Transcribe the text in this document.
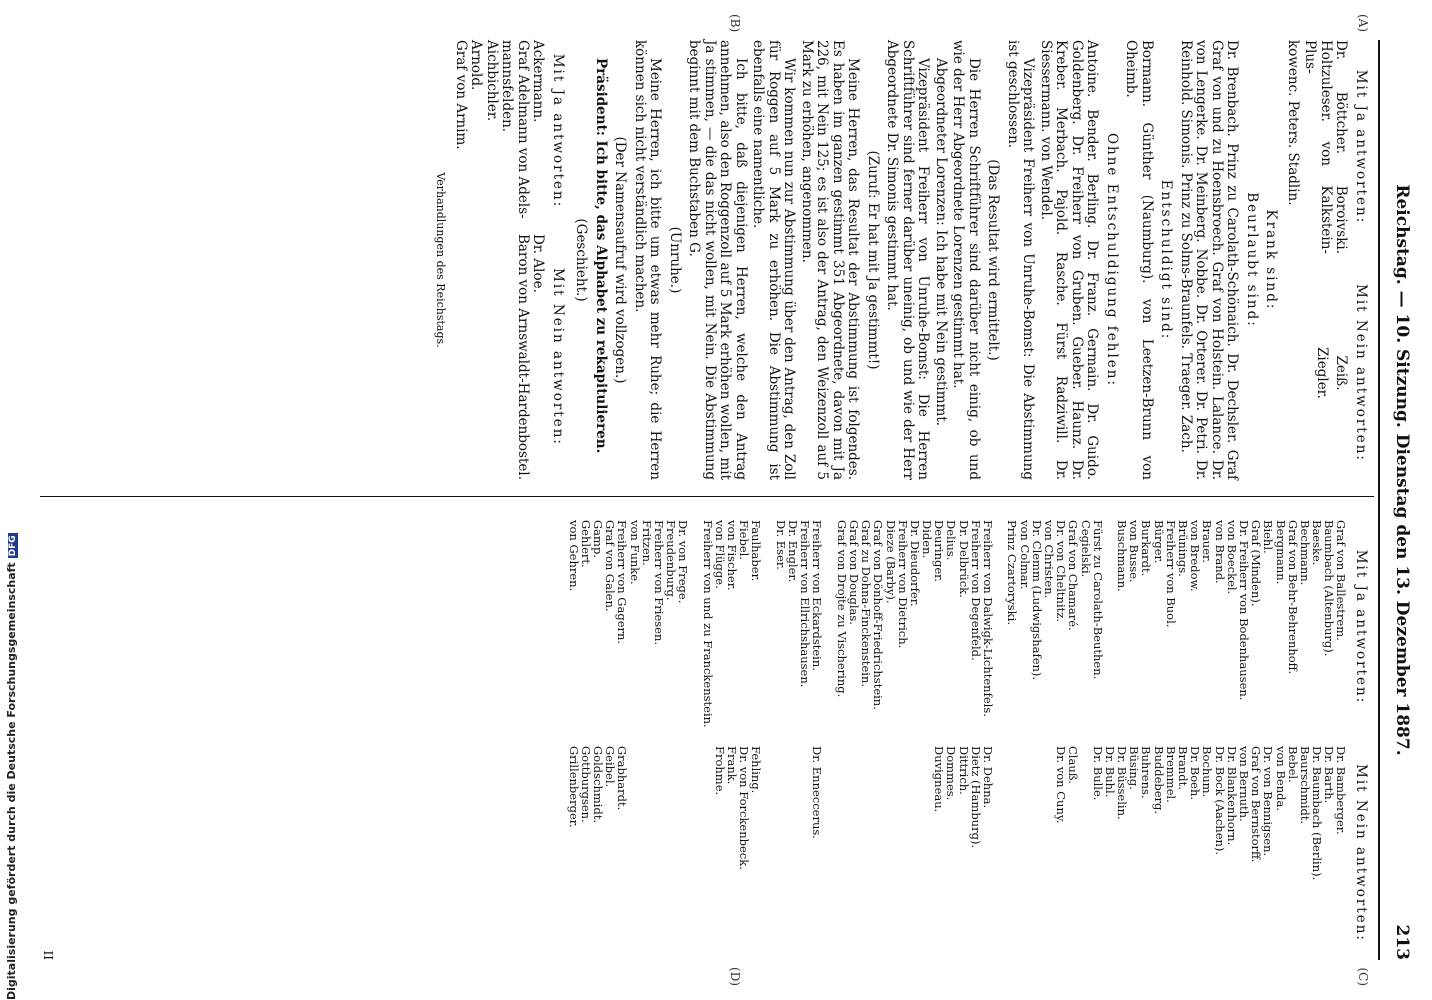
Reichstag. — 10. Sitzung. Dienstag den 13. Dezember 1887.
213
(A)
(C)
(B)
(D)
Mit Ja antworten:
Dr. Böttcher. Boroivski. Holtzuleser. von Kalkstein-Plus-
kowenc. Peters. Stadlin.
Mit Nein antworten:
Zeiß.
Ziegler.
Krank sind:
Beurlaubt sind:
Dr. Brenbach. Prinz zu Carolath-Schönaich. Dr. Dechsler. Graf Graf von und zu Hoensbroech. Graf von Holstein. Lalance. Dr. von Lengerke. Dr. Meinberg. Nobbe. Dr. Orterer. Dr. Petri. Dr. Reinhold. Simonis. Prinz zu Solms-Braunfels. Traeger. Zach.
Entschuldigt sind:
Bormann. Günther (Naumburg). von Leetzen-Brunn von Oheimb.
Ohne Entschuldigung fehlen:
Antoine. Bender. Berling. Dr. Franz. Germain. Dr. Guido. Goldenberg. Dr. Freiherr von Gruben. Gueber. Haunz. Dr. Kreber. Merbach. Pajold. Rasche. Fürst Radziwill. Dr. Siessermann. von Wendel.
Vizepräsident Freiherr von Unruhe-Bomst: Die Abstimmung ist geschlossen.
(Das Resultat wird ermittelt.)
Die Herren Schriftführer sind darüber nicht einig, ob und wie der Herr Abgeordnete Lorenzen gestimmt hat.
Abgeordneter Lorenzen: Ich habe mit Nein gestimmt.
Vizepräsident Freiherr von Unruhe-Bomst: Die Herren Schriftführer sind ferner darüber uneinig, ob und wie der Herr Abgeordnete Dr. Simonis gestimmt hat.
(Zuruf: Er hat mit Ja gestimmt!)
Meine Herren, das Resultat der Abstimmung ist folgendes. Es haben im ganzen gestimmt 351 Abgeordnete, davon mit Ja 226, mit Nein 125; es ist also der Antrag, den Weizenzoll auf 5 Mark zu erhöhen, angenommen.
Wir kommen nun zur Abstimmung über den Antrag, den Zoll für Roggen auf 5 Mark zu erhöhen. Die Abstimmung ist ebenfalls eine namentliche.
Ich bitte, daß diejenigen Herren, welche den Antrag annehmen, also den Roggenzoll auf 5 Mark erhöhen wollen, mit Ja stimmen, — die das nicht wollen, mit Nein. Die Abstimmung beginnt mit dem Buchstaben G.
(Unruhe.)
Meine Herren, ich bitte um etwas mehr Ruhe; die Herren können sich nicht verständlich machen.
(Der Namensaufruf wird vollzogen.)
Präsident: Ich bitte, das Alphabet zu rekapitulieren.
(Geschieht.)
Mit Ja antworten:
Ackermann.
Graf Adelmann von Adels-
mannsfelden.
Aichbichler.
Arnold.
Graf von Arnim.
Mit Nein antworten:
Dr. Aloe.
Baron von Arnswaldt-Hardenbostel.
Verhandlungen des Reichstags.
Mit Ja antworten:
Graf von Ballestrem.
Baumbach (Altenburg).
Baeske.
Bechmann.
Graf von Behr-Behrenhoff.
Bergmann.
Biehl.
Graf (Minden).
Dr. Freiherr von Bodenhausen.
von Boeckel.
von Brand.
Brauer.
von Bredow.
Brünings.
Freiherr von Buol.
Bürger.
Burkardt.
von Busse.
Buschmann.
Fürst zu Carolath-Beuthen.
Cegielski.
Graf von Chamaré.
Dr. von Cheltnitz.
von Christen.
Dr. Clemm (Ludwigshafen).
von Colmar.
Prinz Czartoryski.
Freiherr von Dalwigk-Lichtenfels.
Freiherr von Degenfeld.
Dr. Delbrück.
Delius.
Deuringer.
Diden.
Dr. Dieudorfer.
Freiherr von Dietrich.
Dieze (Barby).
Graf von Dönhoff-Friedrichstein.
Graf zu Dohna-Finckenstein.
Graf von Douglas.
Graf von Drojte zu Vischering.
Freiherr von Eckardstein.
Freiherr von Ellrichshausen.
Dr. Engler.
Dr. Eser.
Faulhaber.
Fiebel.
von Fischer.
von Flügge.
Freiherr von und zu Franckenstein.
Dr. von Frege.
Freudenburg.
Freiherr von Friesen.
Fritzen.
von Funke.
Freiherr von Gagern.
Graf von Galen.
Gamp.
Gehlert.
von Gehren.
Mit Nein antworten:
Dr. Bamberger.
Dr. Barth.
Dr. Baumbach (Berlin).
Baurschmidt.
Bebel.
von Benda.
Dr. von Bennigsen.
Graf von Bernstorff.
von Bernuth.
Dr. Blankenhorn.
Dr. Bock (Aachen).
Bochum.
Dr. Boeh.
Brandt.
Bremmel.
Buddeberg.
Buhrens.
Büsing.
Dr. Büsselin.
Dr. Buhl.
Dr. Bulle.
Clauß.
Dr. von Cuny.
Dr. Dehna.
Dietz (Hamburg).
Dittrich.
Dommes.
Duvigneau.
Dr. Enneccerus.
Fehling.
Dr. von Forckenbeck.
Frank.
Frohme.
Grabhardt.
Geibel.
Goldschmidt.
Gottburgsen.
Grillenberger.
II
Digitalisierung gefördert durch die Deutsche ForschungsgemeinschaftDFG
